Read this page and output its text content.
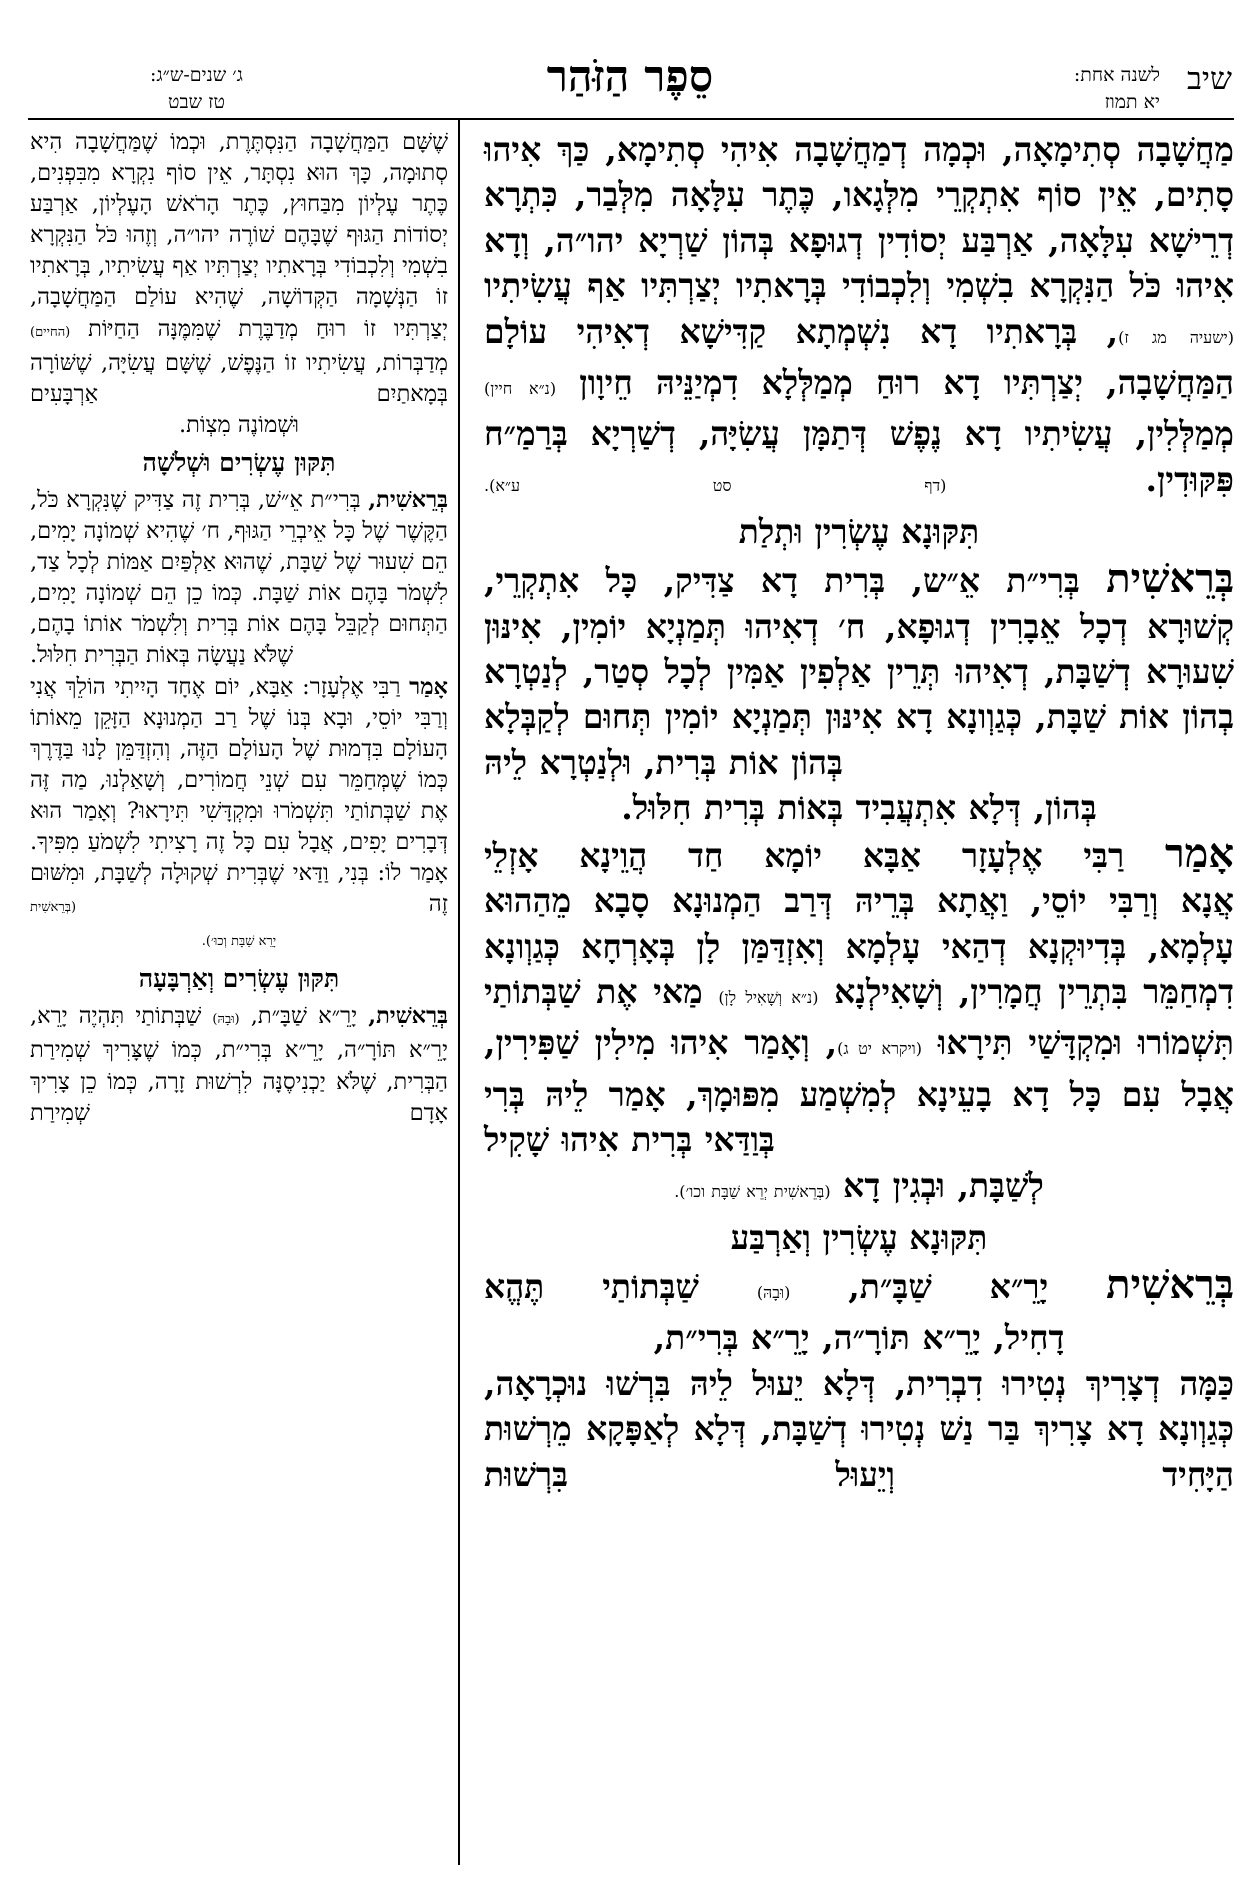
שיב
לשנה אחת:
יא תמוז
סֵפֶר הַזֹּהַר
ג׳ שנים-ש״ג:
טז שבט

מַחֲשָׁבָה סְתִימָאָה, וּכְמָה דְמַחֲשָׁבָה אִיהִי סְתִימָא, כַּךְ אִיהוּ סָתִים, אֵין סוֹף אִתְקְרֵי מִלְּגָאו, כֶּתֶר עִלָּאָה מִלְּבַר, כִּתְרָא דְרֵישָׁא עִלָּאָה, אַרְבַּע יְסוֹדִין דְגוּפָא בְּהוֹן שַׁרְיָא יהו״ה, וְדָא אִיהוּ כֹּל הַנִּקְרָא בִשְׁמִי וְלִכְבוֹדִי בְּרָאתִיו יְצַרְתִּיו אַף עֲשִׂיתִיו (ישעיה מג ז), בְּרָאתִיו דָא נִשְׁמְתָא קַדִּישָׁא דְאִיהִי עוֹלָם הַמַּחֲשָׁבָה, יְצַרְתִּיו דָא רוּחַ מְמַלְּלָא דִמְיַנֵּיהּ חֵיוָון (נ״א חיין) מְמַלְּלִין, עֲשִׂיתִיו דָא נֶפֶשׁ דְּתַמָּן עֲשִׂיָּה, דְשַׁרְיָא בְּרַמַ״ח פִּקּוּדִין. (דף סט ע״א).

תִּקּוּנָא עֶשְׂרִין וּתְלַת

בְּרֵאשִׁית בְּרִי״ת אֵ״ש, בְּרִית דָא צַדִּיק, כָּל אִתְקְרֵי, קְשׁוּרָא דְכָל אֵבָרִין דְגוּפָא, ח׳ דְאִיהוּ תְּמַנְיָא יוֹמִין, אִינּוּן שִׁעוּרָא דְשַׁבָּת, דְאִיהוּ תְּרֵין אַלְפִין אַמִּין לְכָל סְטַר, לְנַטְרָא בְהוֹן אוֹת שַׁבָּת, כְּגַוְונָא דָא אִינּוּן תְּמַנְיָא יוֹמִין תְּחוּם לְקַבְּלָא בְּהוֹן אוֹת בְּרִית, וּלְנַטְרָא לֵיהּ

בְּהוֹן, דְּלָא אִתְעֲבִיד בְּאוֹת בְּרִית חִלּוּל.

אָמַר רַבִּי אֶלְעָזָר אַבָּא יוֹמָא חַד הֲוֵינָא אָזְלֵי

אֲנָא וְרַבִּי יוֹסֵי, וַאֲתָא בְּרֵיהּ דְּרַב הַמְנוּנָא סָבָא מֵהַהוּא עָלְמָא, בְּדִיוּקְנָא דְהַאי עָלְמָא וְאִזְדַּמַּן לָן בְּאָרְחָא כְּגַוְונָא דִמְחַמֵּר בִּתְרֵין חֲמָרִין, וְשָׁאִילְנָא (נ״א וְשָׁאִיל לָן) מַאי אֶת שַׁבְּתוֹתַי תִּשְׁמוֹרוּ וּמִקְדָּשַׁי תִּירָאוּ (ויקרא יט ג), וְאָמַר אִיהוּ מִילִין שַׁפִּירִין, אֲבָל עִם כָּל דָא בָעֵינָא לְמִשְׁמַע מִפּוּמָךְ, אָמַר לֵיהּ בְּרִי בְּוַדַּאי בְּרִית אִיהוּ שָׁקִיל

לְשַׁבָּת, וּבְגִין דָא (בְּרֵאשִׁית יְרֵא שַׁבָּת וכו׳).

תִּקּוּנָא עֶשְׂרִין וְאַרְבַּע

בְּרֵאשִׁית יָרֵ״א שַׁבָּ״ת, (וּבָהּ) שַׁבְּתוֹתַי תֶּהֱא

דָחִיל, יָרֵ״א תּוֹרָ״ה, יָרֵ״א בְּרִי״ת,

כַּמָּה דְצָרִיךְ נְטִירוּ דִבְרִית, דְּלָא יֵעוּל לֵיהּ בִּרְשׁוּ נוּכְרָאָה, כְּגַוְונָא דָא צָרִיךְ בַּר נַשׁ נְטִירוּ דְשַׁבָּת, דְּלָא לְאַפָּקָא מֵרְשׁוּת הַיָּחִיד וְיֵעוּל בִּרְשׁוּת

שֶׁשָּׁם הַמַּחֲשָׁבָה הַנִּסְתֶּרֶת, וּכְמוֹ שֶׁמַּחֲשָׁבָה הִיא סְתוּמָה, כָּךְ הוּא נִסְתָּר, אֵין סוֹף נִקְרָא מִבִּפְנִים, כֶּתֶר עֶלְיוֹן מִבַּחוּץ, כֶּתֶר הָרֹאשׁ הָעֶלְיוֹן, אַרְבַּע יְסוֹדוֹת הַגּוּף שֶׁבָּהֶם שׁוֹרֶה יהו״ה, וְזֶהוּ כֹּל הַנִּקְרָא בִשְׁמִי וְלִכְבוֹדִי בְּרָאתִיו יְצַרְתִּיו אַף עֲשִׂיתִיו, בְּרָאתִיו זוֹ הַנְּשָׁמָה הַקְּדוֹשָׁה, שֶׁהִיא עוֹלַם הַמַּחֲשָׁבָה, יְצַרְתִּיו זוֹ רוּחַ מְדַבֶּרֶת שֶׁמִּמֶּנָּה הַחַיּוֹת (החיים) מְדַבְּרוֹת, עֲשִׂיתִיו זוֹ הַנֶּפֶשׁ, שֶׁשָּׁם עֲשִׂיָּה, שֶׁשּׁוֹרָה בְּמָאתַיִם אַרְבָּעִים

וּשְׁמוֹנֶה מִצְוֹת.

תִּקּוּן עֶשְׂרִים וּשְׁלֹשָׁה

בְּרֵאשִׁית, בְּרִי״ת אֵ״שׁ, בְּרִית זֶה צַדִּיק שֶׁנִּקְרָא כֹּל, הַקֶּשֶׁר שֶׁל כָּל אֵיבְרֵי הַגּוּף, ח׳ שֶׁהִיא שְׁמוֹנָה יָמִים, הֵם שִׁעוּר שֶׁל שַׁבָּת, שֶׁהוּא אַלְפַּיִם אַמּוֹת לְכָל צַד, לִשְׁמֹר בָּהֶם אוֹת שַׁבָּת. כְּמוֹ כֵן הֵם שְׁמוֹנָה יָמִים, הַתְּחוּם לְקַבֵּל בָּהֶם אוֹת בְּרִית וְלִשְׁמֹר אוֹתוֹ בָהֶם, שֶׁלֹּא נַעֲשָׂה בְּאוֹת הַבְּרִית חִלּוּל.

אָמַר רַבִּי אֶלְעָזָר: אַבָּא, יוֹם אֶחָד הָיִיתִי הוֹלֵךְ אֲנִי וְרַבִּי יוֹסֵי, וּבָא בְּנוֹ שֶׁל רַב הַמְנוּנָא הַזָּקֵן מֵאוֹתוֹ הָעוֹלָם בִּדְמוּת שֶׁל הָעוֹלָם הַזֶּה, וְהִזְדַּמֵּן לָנוּ בַּדֶּרֶךְ כְּמוֹ שֶׁמְּחַמֵּר עִם שְׁנֵי חֲמוֹרִים, וְשָׁאַלְנוּ, מַה זֶּה אֶת שַׁבְּתוֹתַי תִּשְׁמֹרוּ וּמִקְדָּשִׁי תִּירָאוּ? וְאָמַר הוּא דְּבָרִים יָפִים, אֲבָל עִם כָּל זֶה רָצִיתִי לִשְׁמֹעַ מִפִּיךָ. אָמַר לוֹ: בְּנִי, וַדַּאי שֶׁבְּרִית שְׁקוּלָה לְשַׁבָּת, וּמִשּׁוּם זֶה (בְּרֵאשִׁית

יָרֵא שַׁבָּת וְכוּ׳).

תִּקּוּן עֶשְׂרִים וְאַרְבָּעָה

בְּרֵאשִׁית, יָרֵ״א שַׁבָּ״ת, (וּבָהּ) שַׁבְּתוֹתַי תִּהְיֶה יָרֵא, יָרֵ״א תּוֹרָ״ה, יָרֵ״א בְּרִי״ת, כְּמוֹ שֶׁצָּרִיךְ שְׁמִירַת הַבְּרִית, שֶׁלֹּא יַכְנִיסֶנָּה לִרְשׁוּת זָרָה, כְּמוֹ כֵן צָרִיךְ אָדָם שְׁמִירַת
